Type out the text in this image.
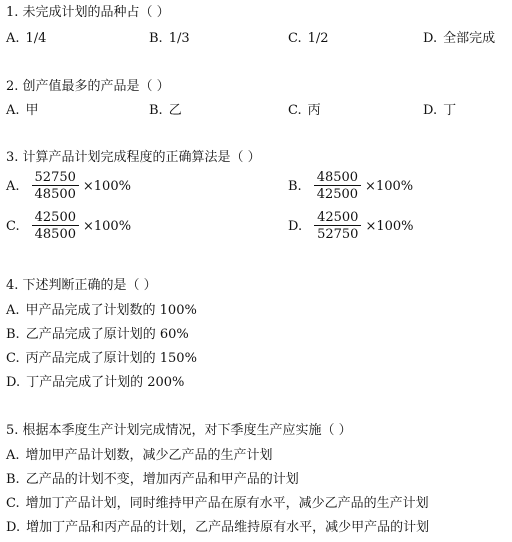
1. 未完成计划的品种占（ ）
A. 1/4	B. 1/3	C. 1/2	D. 全部完成
2. 创产值最多的产品是（ ）
A. 甲	B. 乙	C. 丙	D. 丁
3. 计算产品计划完成程度的正确算法是（ ）
A. $\frac{52750}{48500} \times 100\%$	B. $\frac{48500}{42500} \times 100\%$
C. $\frac{42500}{48500} \times 100\%$	D. $\frac{42500}{52750} \times 100\%$
4. 下述判断正确的是（ ）
A. 甲产品完成了计划数的 100%
B. 乙产品完成了原计划的 60%
C. 丙产品完成了原计划的 150%
D. 丁产品完成了计划的 200%
5. 根据本季度生产计划完成情况，对下季度生产应实施（ ）
A. 增加甲产品计划数，减少乙产品的生产计划
B. 乙产品的计划不变，增加丙产品和甲产品的计划
C. 增加丁产品计划，同时维持甲产品在原有水平，减少乙产品的生产计划
D. 增加丁产品和丙产品的计划，乙产品维持原有水平，减少甲产品的计划
